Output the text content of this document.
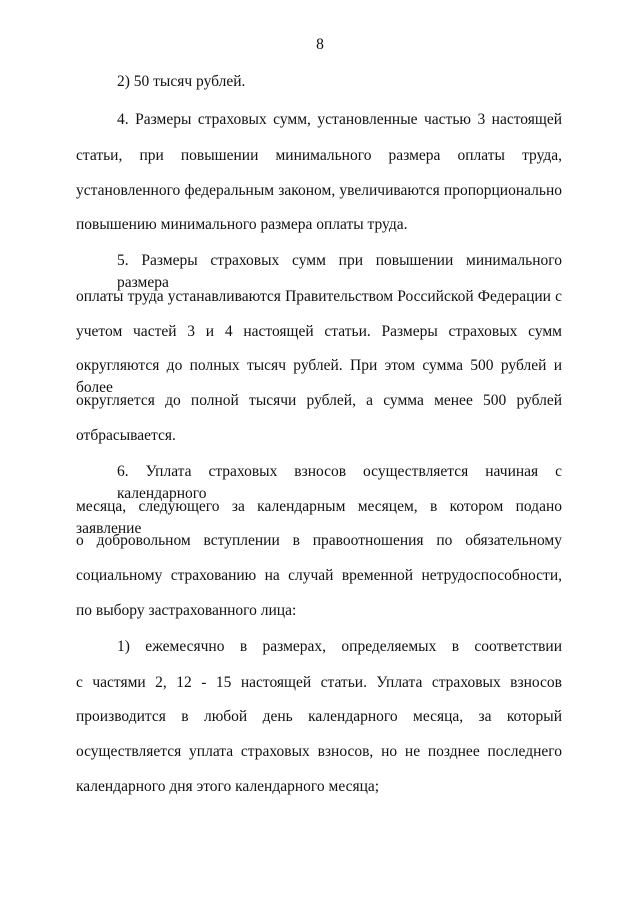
8
2) 50 тысяч рублей.
4. Размеры страховых сумм, установленные частью 3 настоящей
статьи, при повышении минимального размера оплаты труда,
установленного федеральным законом, увеличиваются пропорционально
повышению минимального размера оплаты труда.
5. Размеры страховых сумм при повышении минимального размера
оплаты труда устанавливаются Правительством Российской Федерации с
учетом частей 3 и 4 настоящей статьи. Размеры страховых сумм
округляются до полных тысяч рублей. При этом сумма 500 рублей и более
округляется до полной тысячи рублей, а сумма менее 500 рублей
отбрасывается.
6. Уплата страховых взносов осуществляется начиная с календарного
месяца, следующего за календарным месяцем, в котором подано заявление
о добровольном вступлении в правоотношения по обязательному
социальному страхованию на случай временной нетрудоспособности,
по выбору застрахованного лица:
1) ежемесячно в размерах, определяемых в соответствии
с частями 2, 12 - 15 настоящей статьи. Уплата страховых взносов
производится в любой день календарного месяца, за который
осуществляется уплата страховых взносов, но не позднее последнего
календарного дня этого календарного месяца;
